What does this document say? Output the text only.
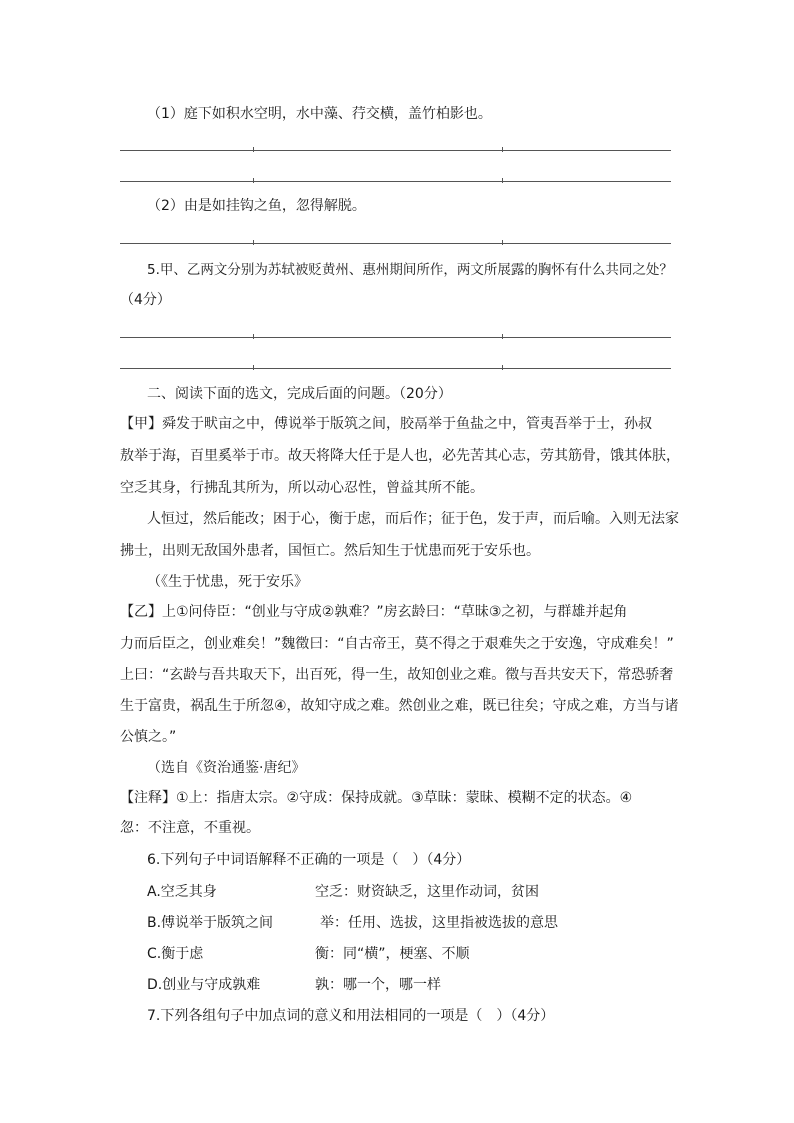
（1）庭下如积水空明，水中藻、荇交横，盖竹柏影也。
（2）由是如挂钩之鱼，忽得解脱。
5.甲、乙两文分别为苏轼被贬黄州、惠州期间所作，两文所展露的胸怀有什么共同之处？
（4分）
二、阅读下面的选文，完成后面的问题。（20分）
【甲】舜发于畎亩之中，傅说举于版筑之间，胶鬲举于鱼盐之中，管夷吾举于士，孙叔
敖举于海，百里奚举于市。故天将降大任于是人也，必先苦其心志，劳其筋骨，饿其体肤，
空乏其身，行拂乱其所为，所以动心忍性，曾益其所不能。
人恒过，然后能改；困于心，衡于虑，而后作；征于色，发于声，而后喻。入则无法家
拂士，出则无敌国外患者，国恒亡。然后知生于忧患而死于安乐也。
（《生于忧患，死于安乐》
【乙】上①问侍臣：“创业与守成②孰难？”房玄龄曰：“草昧③之初，与群雄并起角
力而后臣之，创业难矣！”魏徵曰：“自古帝王，莫不得之于艰难失之于安逸，守成难矣！”
上曰：“玄龄与吾共取天下，出百死，得一生，故知创业之难。徵与吾共安天下，常恐骄奢
生于富贵，祸乱生于所忽④，故知守成之难。然创业之难，既已往矣；守成之难，方当与诸
公慎之。”
（选自《资治通鉴·唐纪》
【注释】①上：指唐太宗。②守成：保持成就。③草昧：蒙昧、模糊不定的状态。④
忽：不注意，不重视。
6.下列句子中词语解释不正确的一项是（　）（4分）
A.空乏其身	空乏：财资缺乏，这里作动词，贫困
B.傅说举于版筑之间	举：任用、选拔，这里指被选拔的意思
C.衡于虑	衡：同“横”，梗塞、不顺
D.创业与守成孰难	孰：哪一个，哪一样
7.下列各组句子中加点词的意义和用法相同的一项是（　）（4分）
